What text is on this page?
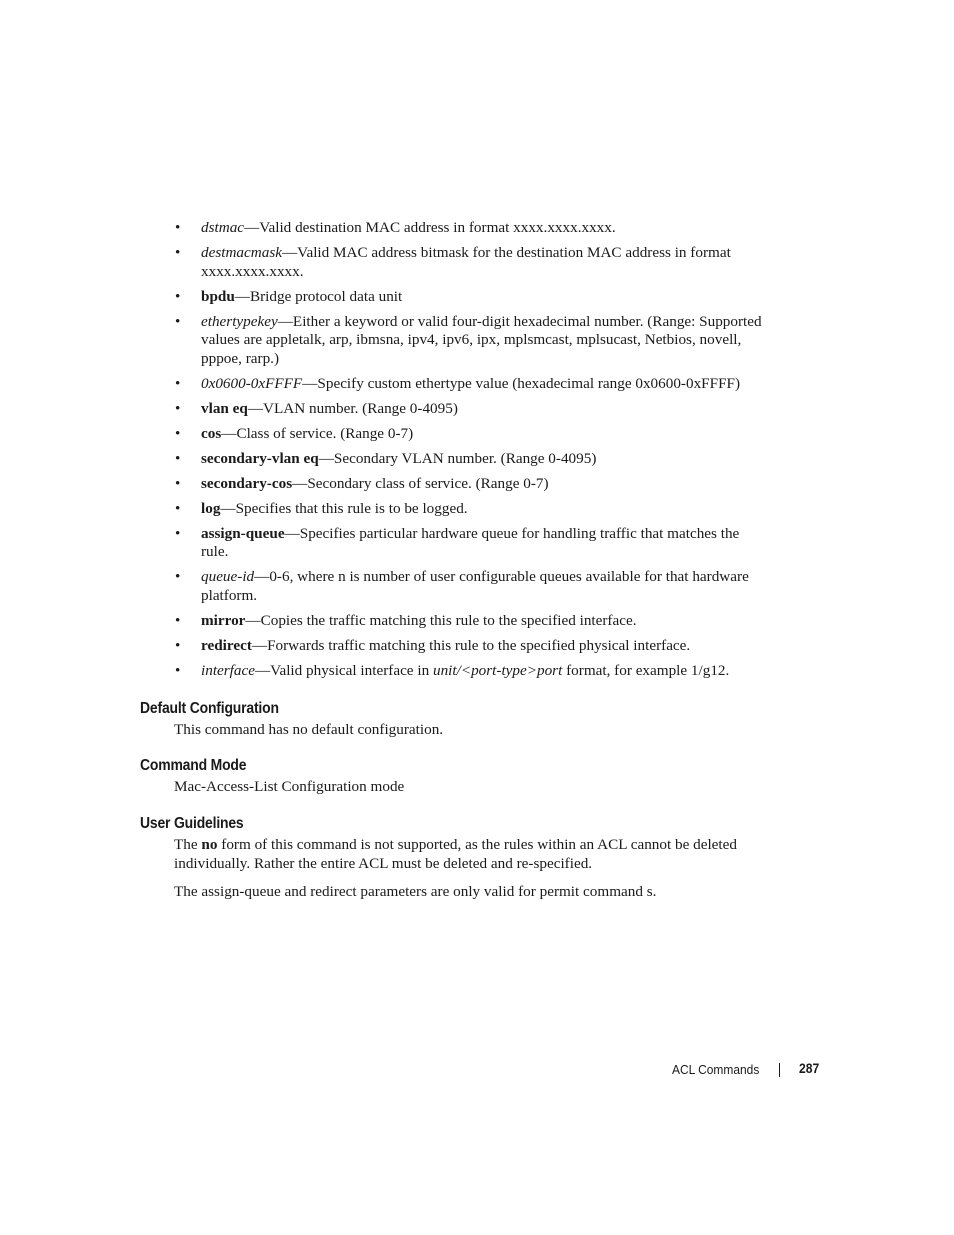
• dstmac—Valid destination MAC address in format xxxx.xxxx.xxxx.
• destmacmask—Valid MAC address bitmask for the destination MAC address in format xxxx.xxxx.xxxx.
• bpdu—Bridge protocol data unit
• ethertypekey—Either a keyword or valid four-digit hexadecimal number. (Range: Supported values are appletalk, arp, ibmsna, ipv4, ipv6, ipx, mplsmcast, mplsucast, Netbios, novell, pppoe, rarp.)
• 0x0600-0xFFFF—Specify custom ethertype value (hexadecimal range 0x0600-0xFFFF)
• vlan eq—VLAN number. (Range 0-4095)
• cos—Class of service. (Range 0-7)
• secondary-vlan eq—Secondary VLAN number. (Range 0-4095)
• secondary-cos—Secondary class of service. (Range 0-7)
• log—Specifies that this rule is to be logged.
• assign-queue—Specifies particular hardware queue for handling traffic that matches the rule.
• queue-id—0-6, where n is number of user configurable queues available for that hardware platform.
• mirror—Copies the traffic matching this rule to the specified interface.
• redirect—Forwards traffic matching this rule to the specified physical interface.
• interface—Valid physical interface in unit/<port-type>port format, for example 1/g12.
Default Configuration

This command has no default configuration.

Command Mode

Mac-Access-List Configuration mode

User Guidelines

The no form of this command is not supported, as the rules within an ACL cannot be deleted individually. Rather the entire ACL must be deleted and re-specified.

The assign-queue and redirect parameters are only valid for permit command s.

ACL Commands	287
